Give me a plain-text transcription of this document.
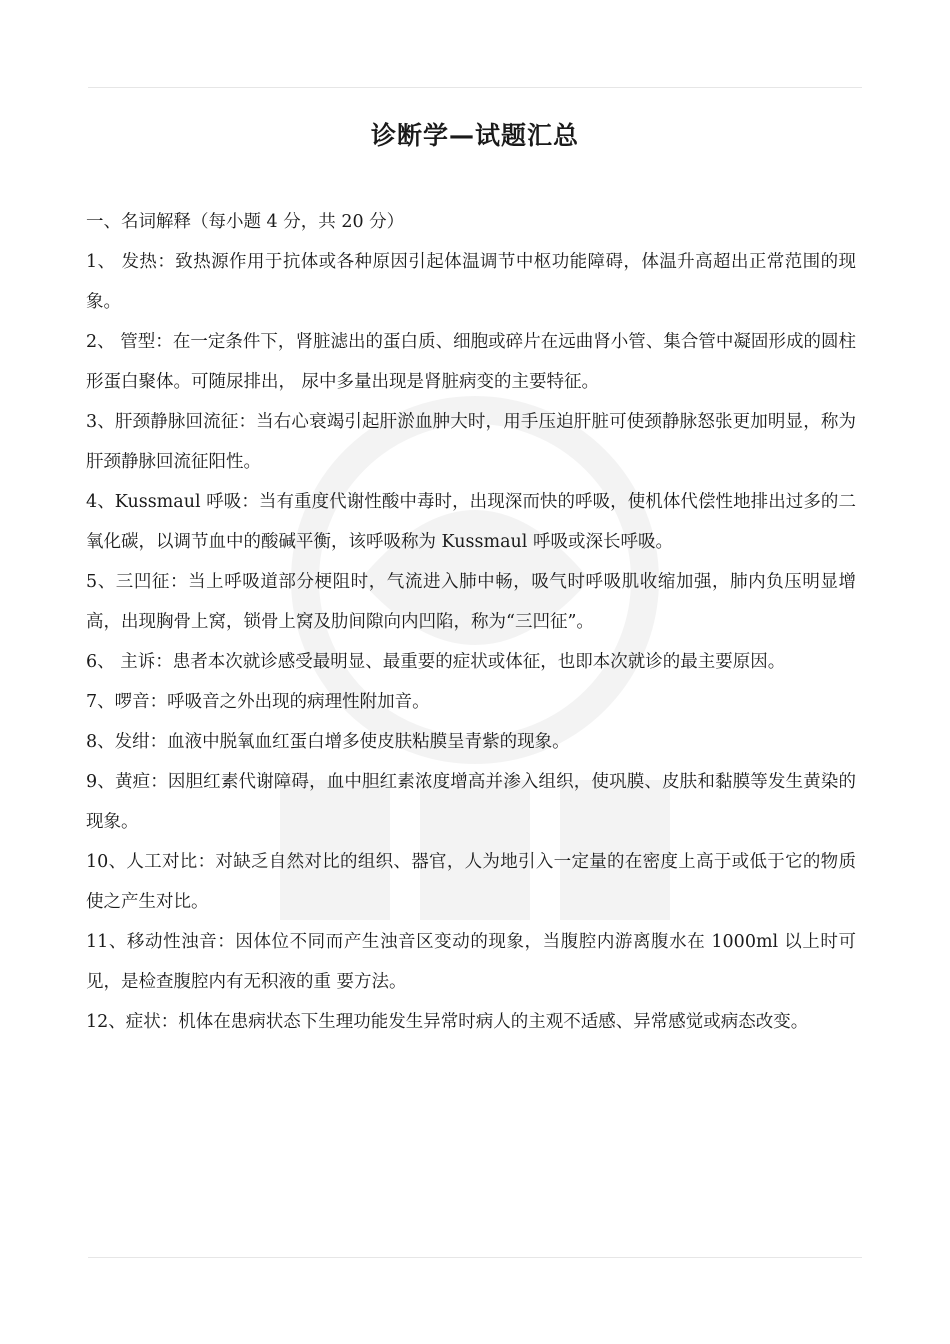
诊断学—试题汇总

一、名词解释（每小题 4 分，共 20 分）

1、 发热：致热源作用于抗体或各种原因引起体温调节中枢功能障碍，体温升高超出正常范围的现象。

2、 管型：在一定条件下，肾脏滤出的蛋白质、细胞或碎片在远曲肾小管、集合管中凝固形成的圆柱形蛋白聚体。可随尿排出， 尿中多量出现是肾脏病变的主要特征。

3、肝颈静脉回流征：当右心衰竭引起肝淤血肿大时，用手压迫肝脏可使颈静脉怒张更加明显，称为肝颈静脉回流征阳性。

4、Kussmaul 呼吸：当有重度代谢性酸中毒时，出现深而快的呼吸，使机体代偿性地排出过多的二氧化碳，以调节血中的酸碱平衡，该呼吸称为 Kussmaul 呼吸或深长呼吸。

5、三凹征：当上呼吸道部分梗阻时，气流进入肺中畅，吸气时呼吸肌收缩加强，肺内负压明显增高，出现胸骨上窝，锁骨上窝及肋间隙向内凹陷，称为“三凹征”。

6、 主诉：患者本次就诊感受最明显、最重要的症状或体征，也即本次就诊的最主要原因。

7、啰音：呼吸音之外出现的病理性附加音。

8、发绀：血液中脱氧血红蛋白增多使皮肤粘膜呈青紫的现象。

9、黄疸：因胆红素代谢障碍，血中胆红素浓度增高并渗入组织，使巩膜、皮肤和黏膜等发生黄染的现象。

10、人工对比：对缺乏自然对比的组织、器官，人为地引入一定量的在密度上高于或低于它的物质使之产生对比。

11、移动性浊音：因体位不同而产生浊音区变动的现象，当腹腔内游离腹水在 1000ml 以上时可见，是检查腹腔内有无积液的重 要方法。

12、症状：机体在患病状态下生理功能发生异常时病人的主观不适感、异常感觉或病态改变。
